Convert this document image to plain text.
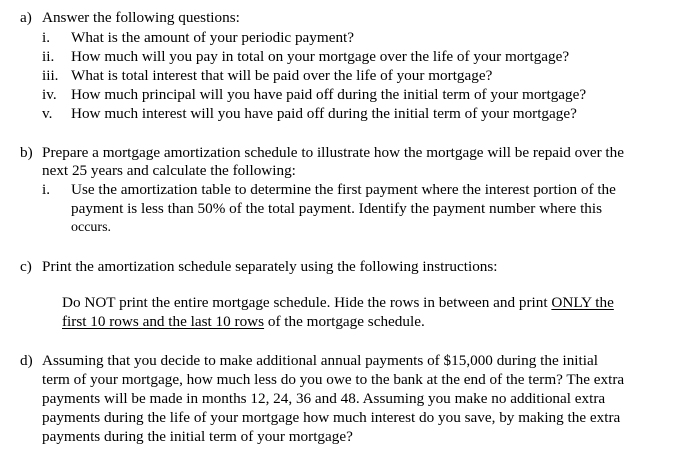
a) Answer the following questions:
i. What is the amount of your periodic payment?
ii. How much will you pay in total on your mortgage over the life of your mortgage?
iii. What is total interest that will be paid over the life of your mortgage?
iv. How much principal will you have paid off during the initial term of your mortgage?
v. How much interest will you have paid off during the initial term of your mortgage?
b) Prepare a mortgage amortization schedule to illustrate how the mortgage will be repaid over the
next 25 years and calculate the following:
i. Use the amortization table to determine the first payment where the interest portion of the
payment is less than 50% of the total payment. Identify the payment number where this
occurs.
c) Print the amortization schedule separately using the following instructions:
Do NOT print the entire mortgage schedule. Hide the rows in between and print ONLY the
first 10 rows and the last 10 rows of the mortgage schedule.
d) Assuming that you decide to make additional annual payments of $15,000 during the initial
term of your mortgage, how much less do you owe to the bank at the end of the term? The extra
payments will be made in months 12, 24, 36 and 48. Assuming you make no additional extra
payments during the life of your mortgage how much interest do you save, by making the extra
payments during the initial term of your mortgage?
